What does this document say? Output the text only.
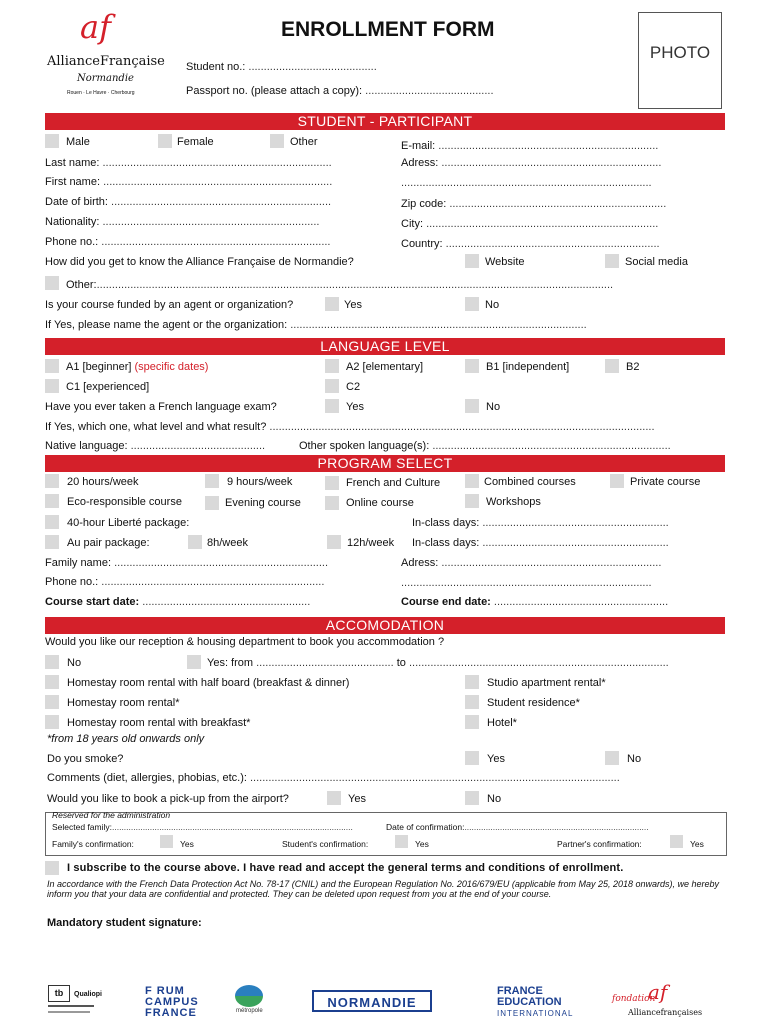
af
AllianceFrançaise
Normandie
Rouen · Le Havre · Cherbourg
ENROLLMENT FORM
PHOTO
Student no.: ..........................................
Passport no. (please attach a copy): ..........................................
STUDENT - PARTICIPANT
Male	Female	Other	E-mail: ........................................................................
Last name: ...........................................................................	Adress: ........................................................................
First name: ...........................................................................	..................................................................................
Date of birth: ........................................................................	Zip code: .......................................................................
Nationality: .......................................................................	City: ............................................................................
Phone no.: ...........................................................................	Country: ......................................................................
How did you get to know the Alliance Française de Normandie?	Website	Social media
Other:.........................................................................................................................................................................
Is your course funded by an agent or organization?	Yes	No
If Yes, please name the agent or the organization: .................................................................................................
LANGUAGE LEVEL
A1 [beginner] (specific dates)	A2 [elementary]	B1 [independent]	B2
C1 [experienced]	C2
Have you ever taken a French language exam?	Yes	No
If Yes, which one, what level and what result? ..............................................................................................................................
Native language: ............................................	Other spoken language(s): ..............................................................................
PROGRAM SELECT
20 hours/week	9 hours/week	French and Culture	Combined courses	Private course
Eco-responsible course	Evening course	Online course	Workshops
40-hour Liberté package:	In-class days: .............................................................
Au pair package:	8h/week	12h/week In-class days: .............................................................
Family name: ......................................................................	Adress: ........................................................................
Phone no.: .........................................................................	..................................................................................
Course start date: .......................................................	Course end date: .........................................................
ACCOMODATION
Would you like our reception & housing department to book you accommodation ?
No	Yes: from ............................................. to .....................................................................................
Homestay room rental with half board (breakfast & dinner)	Studio apartment rental*
Homestay room rental*	Student residence*
Homestay room rental with breakfast*	Hotel*
*from 18 years old onwards only
Do you smoke?	Yes	No
Comments (diet, allergies, phobias, etc.): .........................................................................................................................
Would you like to book a pick-up from the airport?	Yes	No
Reserved for the administration
Selected family:......................................................................................................	Date of confirmation:..............................................................................
Family's confirmation:	Yes	Student's confirmation:	Yes	Partner's confirmation:	Yes
I subscribe to the course above. I have read and accept the general terms and conditions of enrollment.
In accordance with the French Data Protection Act No. 78-17 (CNIL) and the European Regulation No. 2016/679/EU (applicable from May 25, 2018 onwards), we hereby inform you that your data are confidential and protected. They can be deleted upon request from you at the end of your course.
Mandatory student signature:
tb	Qualiopi	F RUM
CAMPUS
FRANCE	métropole
NORMANDIE
FRANCE
EDUCATION
INTERNATIONAL
fondation
af
Alliancefrançaises
